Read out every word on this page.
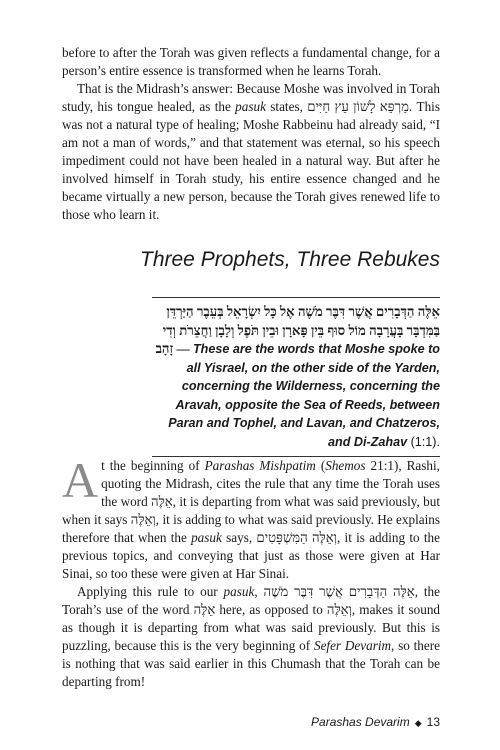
before to after the Torah was given reflects a fundamental change, for a person’s entire essence is transformed when he learns Torah.

That is the Midrash’s answer: Because Moshe was involved in Torah study, his tongue healed, as the pasuk states, מַרְפֵּא לָשׁוֹן עֵץ חַיִּים. This was not a natural type of healing; Moshe Rabbeinu had already said, “I am not a man of words,” and that statement was eternal, so his speech impediment could not have been healed in a natural way. But after he involved himself in Torah study, his entire essence changed and he became virtually a new person, because the Torah gives renewed life to those who learn it.

Three Prophets, Three Rebukes
אֵלֶּה הַדְּבָרִים אֲשֶׁר דִּבֶּר מֹשֶׁה אֶל כָּל יִשְׂרָאֵל בְּעֵבֶר הַיַּרְדֵּן בַּמִּדְבָּר בָּעֲרָבָה מוֹל סוּף בֵּין פָּארָן וּבֵין תֹּפֶל וְלָבָן וַחֲצֵרֹת וְדִי זָהָב — These are the words that Moshe spoke to all Yisrael, on the other side of the Yarden, concerning the Wilderness, concerning the Aravah, opposite the Sea of Reeds, between Paran and Tophel, and Lavan, and Chatzeros, and Di-Zahav (1:1).

At the beginning of Parashas Mishpatim (Shemos 21:1), Rashi, quoting the Midrash, cites the rule that any time the Torah uses the word אֵלֶּה, it is departing from what was said previously, but when it says וְאֵלֶּה, it is adding to what was said previously. He explains therefore that when the pasuk says, וְאֵלֶּה הַמִּשְׁפָּטִים, it is adding to the previous topics, and conveying that just as those were given at Har Sinai, so too these were given at Har Sinai.

Applying this rule to our pasuk, אֵלֶּה הַדְּבָרִים אֲשֶׁר דִּבֶּר מֹשֶׁה, the Torah’s use of the word אֵלֶּה here, as opposed to וְאֵלֶּה, makes it sound as though it is departing from what was said previously. But this is puzzling, because this is the very beginning of Sefer Devarim, so there is nothing that was said earlier in this Chumash that the Torah can be departing from!

Parashas Devarim ◆ 13
